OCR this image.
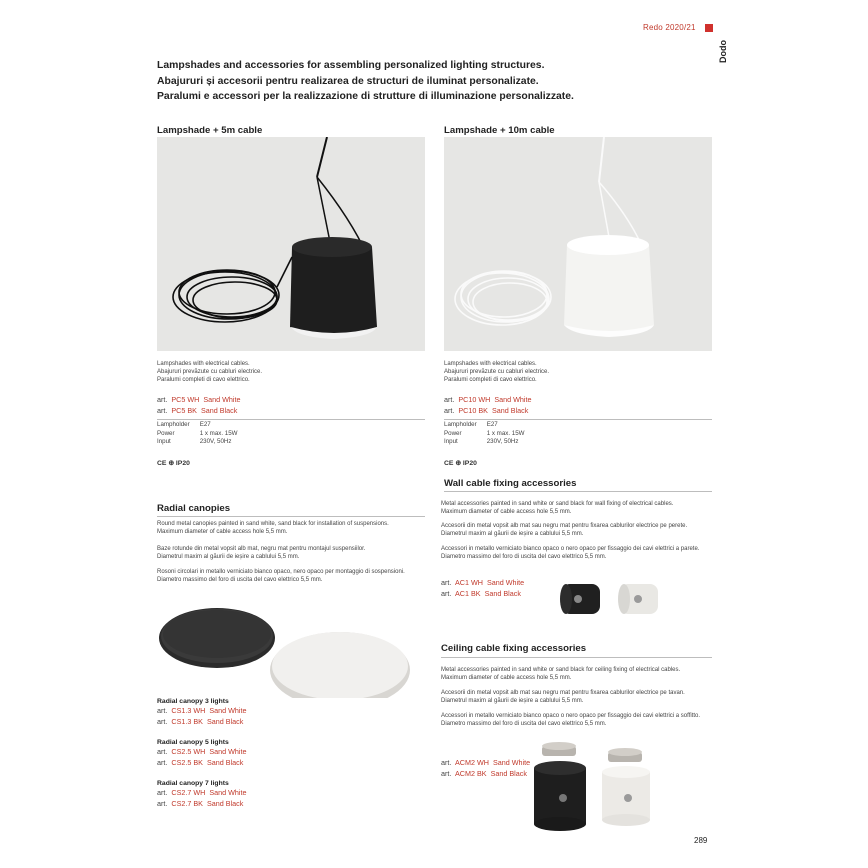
Redo 2020/21
Dodo
Lampshades and accessories for assembling personalized lighting structures.
Abajururi și accesorii pentru realizarea de structuri de iluminat personalizate.
Paralumi e accessori per la realizzazione di strutture di illuminazione personalizzate.
Lampshade + 5m cable
Lampshades with electrical cables.
Abajururi prevăzute cu cabluri electrice.
Paralumi completi di cavo elettrico.
art. PC5 WH Sand White
art. PC5 BK Sand Black
Lampholder	E27
Power	1 x max. 15W
Input	230V, 50Hz
CE ⊕ IP20
Lampshade + 10m cable
Lampshades with electrical cables.
Abajururi prevăzute cu cabluri electrice.
Paralumi completi di cavo elettrico.
art. PC10 WH Sand White
art. PC10 BK Sand Black
Lampholder	E27
Power	1 x max. 15W
Input	230V, 50Hz
CE ⊕ IP20
Radial canopies
Round metal canopies painted in sand white, sand black for installation of suspensions.
Maximum diameter of cable access hole 5,5 mm.
Baze rotunde din metal vopsit alb mat, negru mat pentru montajul suspensiilor.
Diametrul maxim al găurii de ieșire a cablului 5,5 mm.
Rosoni circolari in metallo verniciato bianco opaco, nero opaco per montaggio di sospensioni.
Diametro massimo del foro di uscita del cavo elettrico 5,5 mm.
Radial canopy 3 lights
art. CS1.3 WH Sand White
art. CS1.3 BK Sand Black
Radial canopy 5 lights
art. CS2.5 WH Sand White
art. CS2.5 BK Sand Black
Radial canopy 7 lights
art. CS2.7 WH Sand White
art. CS2.7 BK Sand Black
Wall cable fixing accessories
Metal accessories painted in sand white or sand black for wall fixing of electrical cables.
Maximum diameter of cable access hole 5,5 mm.
Accesorii din metal vopsit alb mat sau negru mat pentru fixarea cablurilor electrice pe perete.
Diametrul maxim al găurii de ieșire a cablului 5,5 mm.
Accessori in metallo verniciato bianco opaco o nero opaco per fissaggio dei cavi elettrici a parete.
Diametro massimo del foro di uscita del cavo elettrico 5,5 mm.
art. AC1 WH Sand White
art. AC1 BK Sand Black
Ceiling cable fixing accessories
Metal accessories painted in sand white or sand black for ceiling fixing of electrical cables.
Maximum diameter of cable access hole 5,5 mm.
Accesorii din metal vopsit alb mat sau negru mat pentru fixarea cablurilor electrice pe tavan.
Diametrul maxim al găurii de ieșire a cablului 5,5 mm.
Accessori in metallo verniciato bianco opaco o nero opaco per fissaggio dei cavi elettrici a soffitto.
Diametro massimo del foro di uscita del cavo elettrico 5,5 mm.
art. ACM2 WH Sand White
art. ACM2 BK Sand Black
289
